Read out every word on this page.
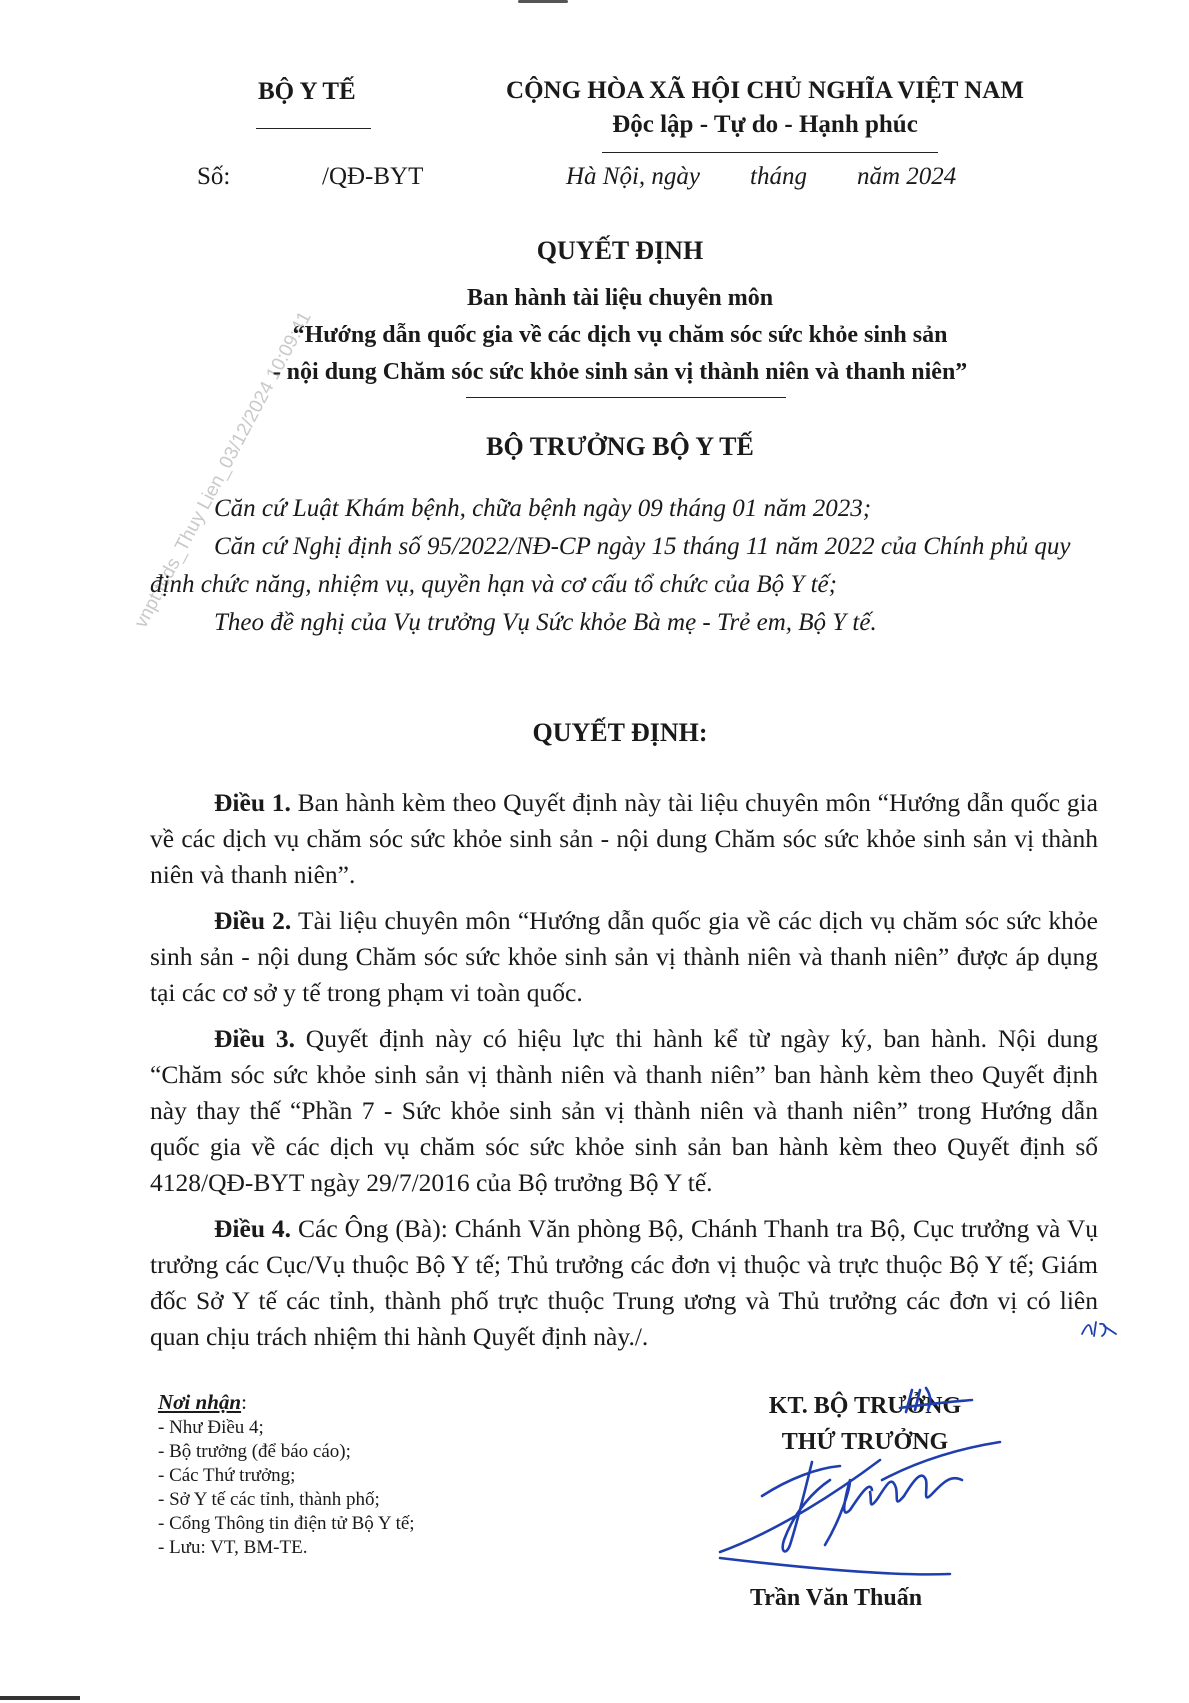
BỘ Y TẾ	CỘNG HÒA XÃ HỘI CHỦ NGHĨA VIỆT NAM
Độc lập - Tự do - Hạnh phúc
Số:	/QĐ-BYT	Hà Nội, ngày        tháng        năm 2024
vnpt.tcds_Thuy Lien_03/12/2024 10:09:41
QUYẾT ĐỊNH
Ban hành tài liệu chuyên môn
“Hướng dẫn quốc gia về các dịch vụ chăm sóc sức khỏe sinh sản
- nội dung Chăm sóc sức khỏe sinh sản vị thành niên và thanh niên”
BỘ TRƯỞNG BỘ Y TẾ

Căn cứ Luật Khám bệnh, chữa bệnh ngày 09 tháng 01 năm 2023;

Căn cứ Nghị định số 95/2022/NĐ-CP ngày 15 tháng 11 năm 2022 của Chính phủ quy định chức năng, nhiệm vụ, quyền hạn và cơ cấu tổ chức của Bộ Y tế;

Theo đề nghị của Vụ trưởng Vụ Sức khỏe Bà mẹ - Trẻ em, Bộ Y tế.

QUYẾT ĐỊNH:

Điều 1. Ban hành kèm theo Quyết định này tài liệu chuyên môn “Hướng dẫn quốc gia về các dịch vụ chăm sóc sức khỏe sinh sản - nội dung Chăm sóc sức khỏe sinh sản vị thành niên và thanh niên”.

Điều 2. Tài liệu chuyên môn “Hướng dẫn quốc gia về các dịch vụ chăm sóc sức khỏe sinh sản - nội dung Chăm sóc sức khỏe sinh sản vị thành niên và thanh niên” được áp dụng tại các cơ sở y tế trong phạm vi toàn quốc.

Điều 3. Quyết định này có hiệu lực thi hành kể từ ngày ký, ban hành. Nội dung “Chăm sóc sức khỏe sinh sản vị thành niên và thanh niên” ban hành kèm theo Quyết định này thay thế “Phần 7 - Sức khỏe sinh sản vị thành niên và thanh niên” trong Hướng dẫn quốc gia về các dịch vụ chăm sóc sức khỏe sinh sản ban hành kèm theo Quyết định số 4128/QĐ-BYT ngày 29/7/2016 của Bộ trưởng Bộ Y tế.

Điều 4. Các Ông (Bà): Chánh Văn phòng Bộ, Chánh Thanh tra Bộ, Cục trưởng và Vụ trưởng các Cục/Vụ thuộc Bộ Y tế; Thủ trưởng các đơn vị thuộc và trực thuộc Bộ Y tế; Giám đốc Sở Y tế các tỉnh, thành phố trực thuộc Trung ương và Thủ trưởng các đơn vị có liên quan chịu trách nhiệm thi hành Quyết định này./.

Nơi nhận:
- Như Điều 4;
- Bộ trưởng (để báo cáo);
- Các Thứ trưởng;
- Sở Y tế các tỉnh, thành phố;
- Cổng Thông tin điện tử Bộ Y tế;
- Lưu: VT, BM-TE.
KT. BỘ TRƯỞNG
THỨ TRƯỞNG
Trần Văn Thuấn
